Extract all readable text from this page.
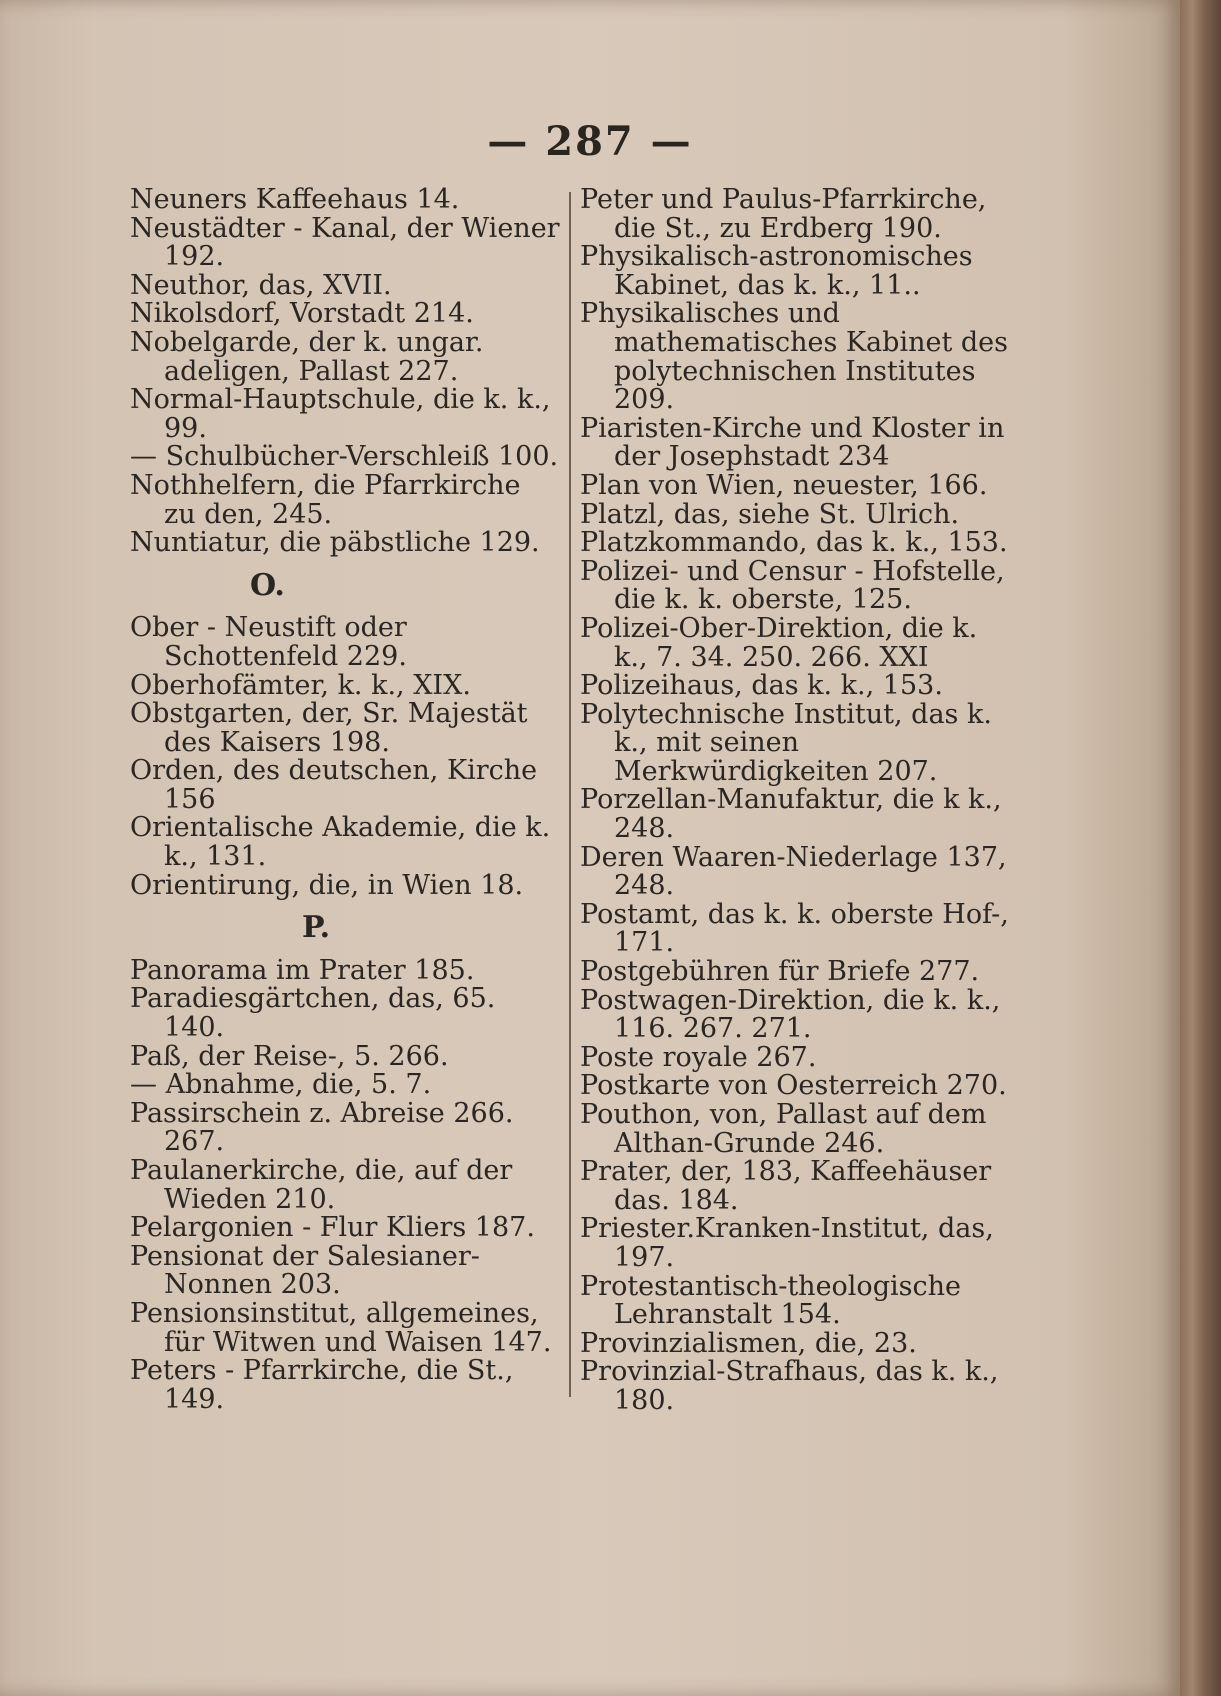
— 287 —

Neuners Kaffeehaus 14.

Neustädter - Kanal, der Wiener 192.

Neuthor, das, XVII.

Nikolsdorf, Vorstadt 214.

Nobelgarde, der k. ungar. adeligen, Pallast 227.

Normal-Hauptschule, die k. k., 99.

— Schulbücher-Verschleiß 100.

Nothhelfern, die Pfarrkirche zu den, 245.

Nuntiatur, die päbstliche 129.

O.

Ober - Neustift oder Schottenfeld 229.

Oberhofämter, k. k., XIX.

Obstgarten, der, Sr. Majestät des Kaisers 198.

Orden, des deutschen, Kirche 156

Orientalische Akademie, die k. k., 131.

Orientirung, die, in Wien 18.

P.

Panorama im Prater 185.

Paradiesgärtchen, das, 65. 140.

Paß, der Reise-, 5. 266.

— Abnahme, die, 5. 7.

Passirschein z. Abreise 266. 267.

Paulanerkirche, die, auf der Wieden 210.

Pelargonien - Flur Kliers 187.

Pensionat der Salesianer-Nonnen 203.

Pensionsinstitut, allgemeines, für Witwen und Waisen 147.

Peters - Pfarrkirche, die St., 149.

Peter und Paulus-Pfarrkirche, die St., zu Erdberg 190.

Physikalisch-astronomisches Kabinet, das k. k., 11..

Physikalisches und mathematisches Kabinet des polytechnischen Institutes 209.

Piaristen-Kirche und Kloster in der Josephstadt 234

Plan von Wien, neuester, 166.

Platzl, das, siehe St. Ulrich.

Platzkommando, das k. k., 153.

Polizei- und Censur - Hofstelle, die k. k. oberste, 125.

Polizei-Ober-Direktion, die k. k., 7. 34. 250. 266. XXI

Polizeihaus, das k. k., 153.

Polytechnische Institut, das k. k., mit seinen Merkwürdigkeiten 207.

Porzellan-Manufaktur, die k k., 248.

Deren Waaren-Niederlage 137, 248.

Postamt, das k. k. oberste Hof-, 171.

Postgebühren für Briefe 277.

Postwagen-Direktion, die k. k., 116. 267. 271.

Poste royale 267.

Postkarte von Oesterreich 270.

Pouthon, von, Pallast auf dem Althan-Grunde 246.

Prater, der, 183, Kaffeehäuser das. 184.

Priester.Kranken-Institut, das, 197.

Protestantisch-theologische Lehranstalt 154.

Provinzialismen, die, 23.

Provinzial-Strafhaus, das k. k., 180.
